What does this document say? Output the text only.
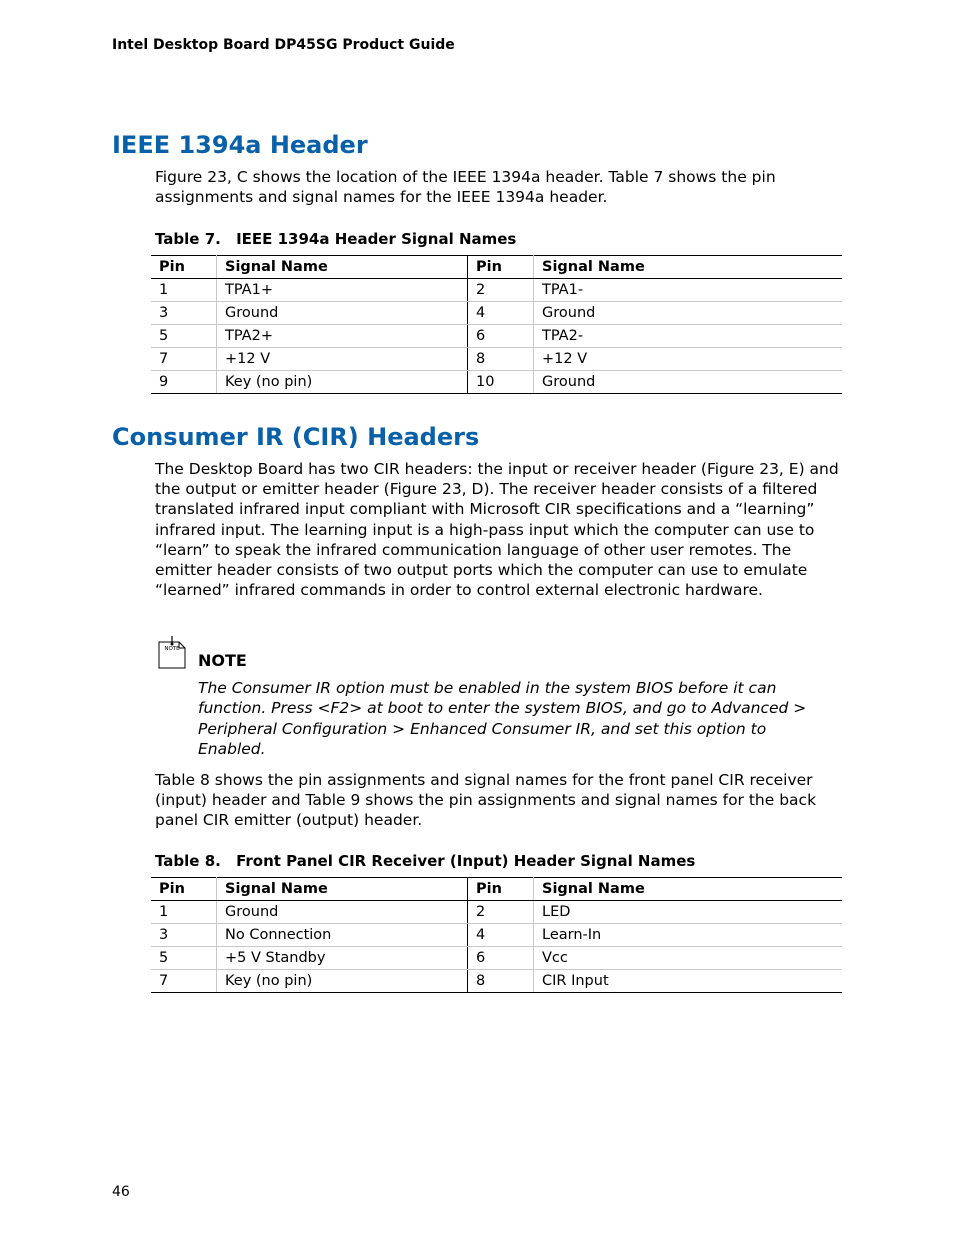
Intel Desktop Board DP45SG Product Guide
IEEE 1394a Header

Figure 23, C shows the location of the IEEE 1394a header. Table 7 shows the pin assignments and signal names for the IEEE 1394a header.

Table 7. IEEE 1394a Header Signal Names
Pin	Signal Name	Pin	Signal Name
1	TPA1+	2	TPA1-
3	Ground	4	Ground
5	TPA2+	6	TPA2-
7	+12 V	8	+12 V
9	Key (no pin)	10	Ground
Consumer IR (CIR) Headers

The Desktop Board has two CIR headers: the input or receiver header (Figure 23, E) and the output or emitter header (Figure 23, D). The receiver header consists of a filtered translated infrared input compliant with Microsoft CIR specifications and a “learning” infrared input. The learning input is a high-pass input which the computer can use to “learn” to speak the infrared communication language of other user remotes. The emitter header consists of two output ports which the computer can use to emulate “learned” infrared commands in order to control external electronic hardware.

NOTE
NOTE

The Consumer IR option must be enabled in the system BIOS before it can function. Press <F2> at boot to enter the system BIOS, and go to Advanced > Peripheral Configuration > Enhanced Consumer IR, and set this option to Enabled.

Table 8 shows the pin assignments and signal names for the front panel CIR receiver (input) header and Table 9 shows the pin assignments and signal names for the back panel CIR emitter (output) header.

Table 8. Front Panel CIR Receiver (Input) Header Signal Names
Pin	Signal Name	Pin	Signal Name
1	Ground	2	LED
3	No Connection	4	Learn-In
5	+5 V Standby	6	Vcc
7	Key (no pin)	8	CIR Input
46
